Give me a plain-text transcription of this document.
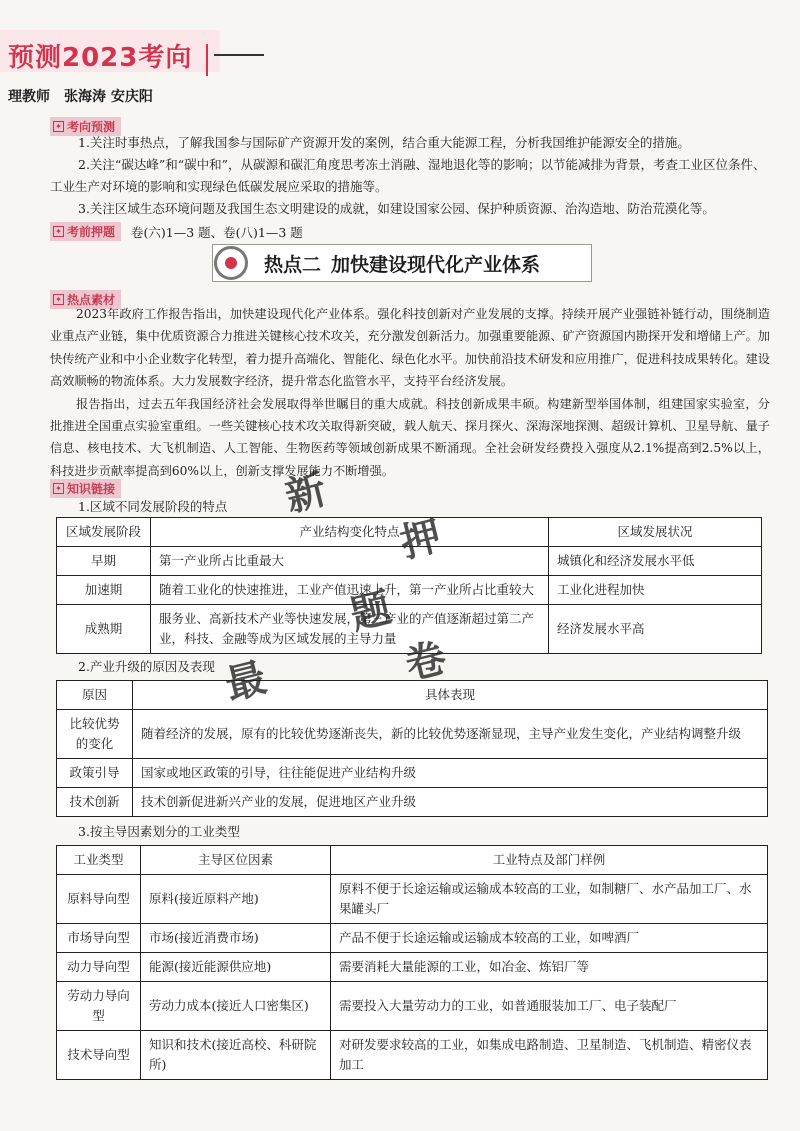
预测2023考向
理教师　张海涛 安庆阳
✦ 考向预测
1.关注时事热点，了解我国参与国际矿产资源开发的案例，结合重大能源工程，分析我国维护能源安全的措施。
2.关注“碳达峰”和“碳中和”，从碳源和碳汇角度思考冻土消融、湿地退化等的影响；以节能减排为背景，考查工业区位条件、工业生产对环境的影响和实现绿色低碳发展应采取的措施等。
3.关注区域生态环境问题及我国生态文明建设的成就，如建设国家公园、保护种质资源、治沟造地、防治荒漠化等。
✦ 考前押题 卷(六)1—3 题、卷(八)1—3 题
热点二 加快建设现代化产业体系
✦ 热点素材

2023年政府工作报告指出，加快建设现代化产业体系。强化科技创新对产业发展的支撑。持续开展产业强链补链行动，围绕制造业重点产业链，集中优质资源合力推进关键核心技术攻关，充分激发创新活力。加强重要能源、矿产资源国内勘探开发和增储上产。加快传统产业和中小企业数字化转型，着力提升高端化、智能化、绿色化水平。加快前沿技术研发和应用推广，促进科技成果转化。建设高效顺畅的物流体系。大力发展数字经济，提升常态化监管水平，支持平台经济发展。

报告指出，过去五年我国经济社会发展取得举世瞩目的重大成就。科技创新成果丰硕。构建新型举国体制，组建国家实验室，分批推进全国重点实验室重组。一些关键核心技术攻关取得新突破，载人航天、探月探火、深海深地探测、超级计算机、卫星导航、量子信息、核电技术、大飞机制造、人工智能、生物医药等领域创新成果不断涌现。全社会研发经费投入强度从2.1%提高到2.5%以上，科技进步贡献率提高到60%以上，创新支撑发展能力不断增强。

✦ 知识链接
1.区域不同发展阶段的特点
区域发展阶段	产业结构变化特点	区域发展状况
早期	第一产业所占比重最大	城镇化和经济发展水平低
加速期	随着工业化的快速推进，工业产值迅速上升，第一产业所占比重较大	工业化进程加快
成熟期	服务业、高新技术产业等快速发展，第三产业的产值逐渐超过第二产业，科技、金融等成为区域发展的主导力量	经济发展水平高
2.产业升级的原因及表现
原因	具体表现
比较优势的变化	随着经济的发展，原有的比较优势逐渐丧失，新的比较优势逐渐显现，主导产业发生变化，产业结构调整升级
政策引导	国家或地区政策的引导，往往能促进产业结构升级
技术创新	技术创新促进新兴产业的发展，促进地区产业升级
3.按主导因素划分的工业类型
工业类型	主导区位因素	工业特点及部门样例
原料导向型	原料(接近原料产地)	原料不便于长途运输或运输成本较高的工业，如制糖厂、水产品加工厂、水果罐头厂
市场导向型	市场(接近消费市场)	产品不便于长途运输或运输成本较高的工业，如啤酒厂
动力导向型	能源(接近能源供应地)	需要消耗大量能源的工业，如冶金、炼铝厂等
劳动力导向型	劳动力成本(接近人口密集区)	需要投入大量劳动力的工业，如普通服装加工厂、电子装配厂
技术导向型	知识和技术(接近高校、科研院所)	对研发要求较高的工业，如集成电路制造、卫星制造、飞机制造、精密仪表加工
押
题
卷
最
新
